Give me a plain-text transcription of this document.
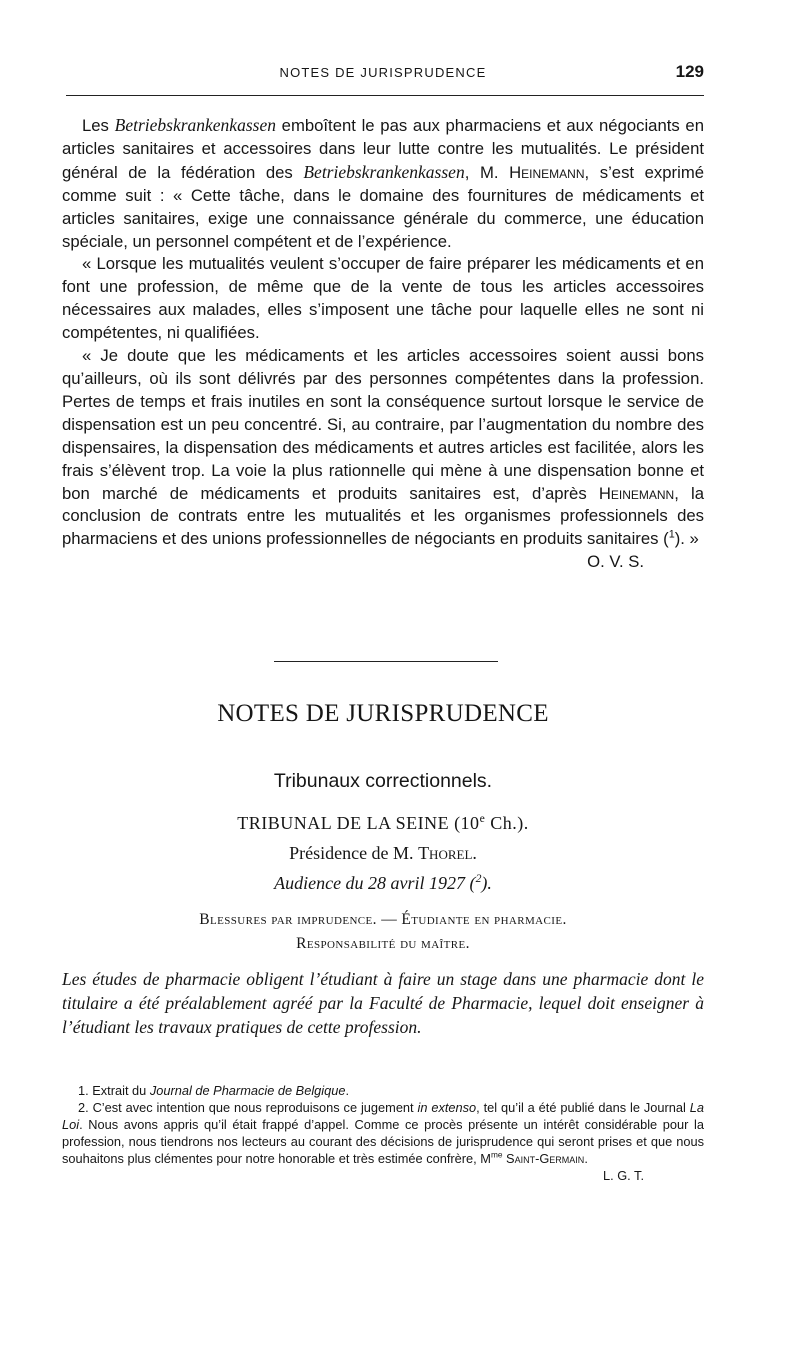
NOTES DE JURISPRUDENCE	129

Les Betriebskrankenkassen emboîtent le pas aux pharmaciens et aux négociants en articles sanitaires et accessoires dans leur lutte contre les mutualités. Le président général de la fédération des Betriebskrankenkassen, M. Heinemann, s’est exprimé comme suit : « Cette tâche, dans le domaine des fournitures de médicaments et articles sanitaires, exige une connaissance générale du commerce, une éducation spéciale, un personnel compétent et de l’expérience.

« Lorsque les mutualités veulent s’occuper de faire préparer les médicaments et en font une profession, de même que de la vente de tous les articles accessoires nécessaires aux malades, elles s’imposent une tâche pour laquelle elles ne sont ni compétentes, ni qualifiées.

« Je doute que les médicaments et les articles accessoires soient aussi bons qu’ailleurs, où ils sont délivrés par des personnes compétentes dans la profession. Pertes de temps et frais inutiles en sont la conséquence surtout lorsque le service de dispensation est un peu concentré. Si, au contraire, par l’augmentation du nombre des dispensaires, la dispensation des médicaments et autres articles est facilitée, alors les frais s’élèvent trop. La voie la plus rationnelle qui mène à une dispensation bonne et bon marché de médicaments et produits sanitaires est, d’après Heinemann, la conclusion de contrats entre les mutualités et les organismes professionnels des pharmaciens et des unions professionnelles de négociants en produits sanitaires ($^1$). »
O. V. S.

NOTES DE JURISPRUDENCE
Tribunaux correctionnels.
TRIBUNAL DE LA SEINE (10e Ch.).
Présidence de M. Thorel.
Audience du 28 avril 1927 ($^2$).
Blessures par imprudence. — Étudiante en pharmacie.
Responsabilité du maître.
Les études de pharmacie obligent l’étudiant à faire un stage dans une pharmacie dont le titulaire a été préalablement agréé par la Faculté de Pharmacie, lequel doit enseigner à l’étudiant les travaux pratiques de cette profession.

1. Extrait du Journal de Pharmacie de Belgique.

2. C’est avec intention que nous reproduisons ce jugement in extenso, tel qu’il a été publié dans le Journal La Loi. Nous avons appris qu’il était frappé d’appel. Comme ce procès présente un intérêt considérable pour la profession, nous tiendrons nos lecteurs au courant des décisions de jurisprudence qui seront prises et que nous souhaitons plus clémentes pour notre honorable et très estimée confrère, $M^{me}$ Saint-Germain.
L. G. T.
